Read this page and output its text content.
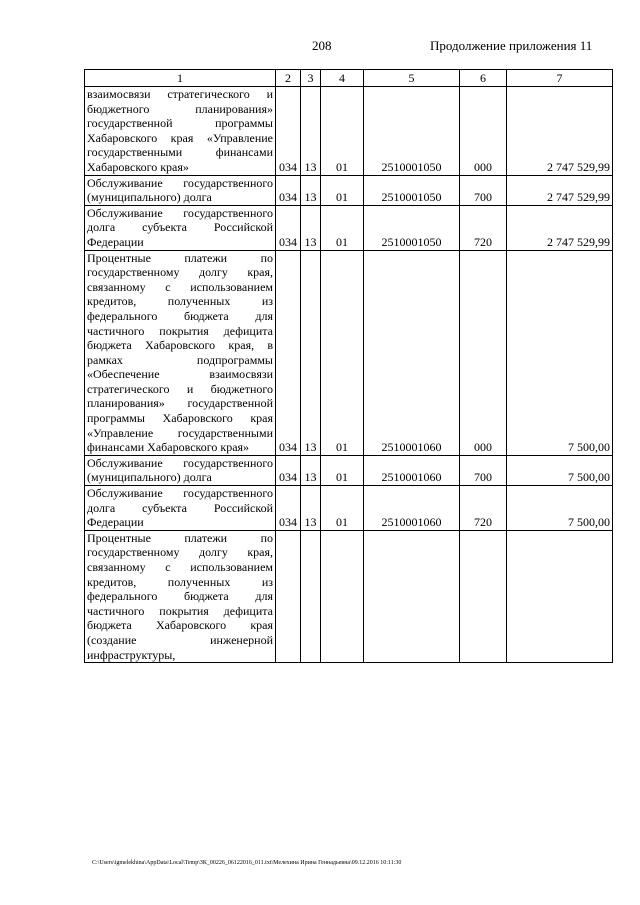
208	Продолжение приложения 11
1	2	3	4	5	6	7
взаимосвязи стратегического и бюджетного планирования» государственной программы Хабаровского края «Управление государственными финансами Хабаровского края»	034	13	01	2510001050	000	2 747 529,99
Обслуживание государственного (муниципального) долга	034	13	01	2510001050	700	2 747 529,99
Обслуживание государственного долга субъекта Российской Федерации	034	13	01	2510001050	720	2 747 529,99
Процентные платежи по государственному долгу края, связанному с использованием кредитов, полученных из федерального бюджета для частичного покрытия дефицита бюджета Хабаровского края, в рамках подпрограммы «Обеспечение взаимосвязи стратегического и бюджетного планирования» государственной программы Хабаровского края «Управление государственными финансами Хабаровского края»	034	13	01	2510001060	000	7 500,00
Обслуживание государственного (муниципального) долга	034	13	01	2510001060	700	7 500,00
Обслуживание государственного долга субъекта Российской Федерации	034	13	01	2510001060	720	7 500,00
Процентные платежи по государственному долгу края, связанному с использованием кредитов, полученных из федерального бюджета для частичного покрытия дефицита бюджета Хабаровского края (создание инженерной инфраструктуры,						
C:\Users\igmelekhina\AppData\Local\Temp\ЗК_00226_06122016_011.txt\Мелехина Ирина Геннадьевна\09.12.2016 10:11:30
